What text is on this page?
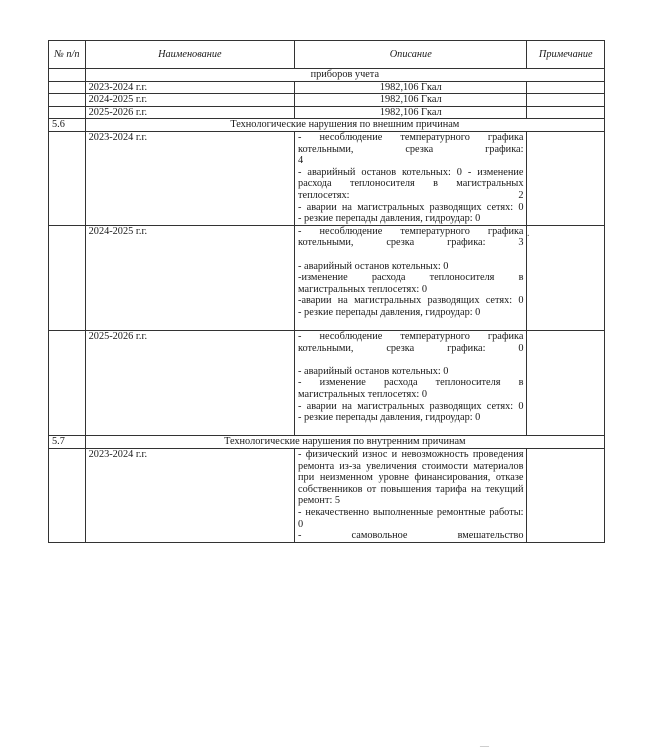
№ п/п	Наименование	Описание	Примечание
	приборов учета		
	2023-2024 г.г.	1982,106 Гкал	
	2024-2025 г.г.	1982,106 Гкал	
	2025-2026 г.г.	1982,106 Гкал	
5.6	Технологические нарушения по внешним причинам		
	2023-2024 г.г.	- несоблюдение температурного графика котельными, срезка графика:
4
- аварийный останов котельных: 0 - изменение расхода теплоносителя в магистральных теплосетях: 2
- аварии на магистральных разводящих сетях: 0
- резкие перепады давления, гидроудар: 0	

	2024-2025 г.г.	- несоблюдение температурного графика котельными, срезка графика: 3
- аварийный останов котельных: 0
-изменение расхода теплоносителя в магистральных теплосетях: 0
-аварии на магистральных разводящих сетях: 0
- резкие перепады давления, гидроудар: 0	

	2025-2026 г.г.	- несоблюдение температурного графика котельными, срезка графика: 0
- аварийный останов котельных: 0
- изменение расхода теплоносителя в магистральных теплосетях: 0
- аварии на магистральных разводящих сетях: 0
- резкие перепады давления, гидроудар: 0	

5.7	Технологические нарушения по внутренним причинам		
	2023-2024 г.г.	- физический износ и невозможность проведения ремонта из-за увеличения стоимости материалов при неизменном уровне финансирования, отказе собственников от повышения тарифа на текущий ремонт: 5
- некачественно выполненные ремонтные работы: 0
- самовольное вмешательство	

.
—
